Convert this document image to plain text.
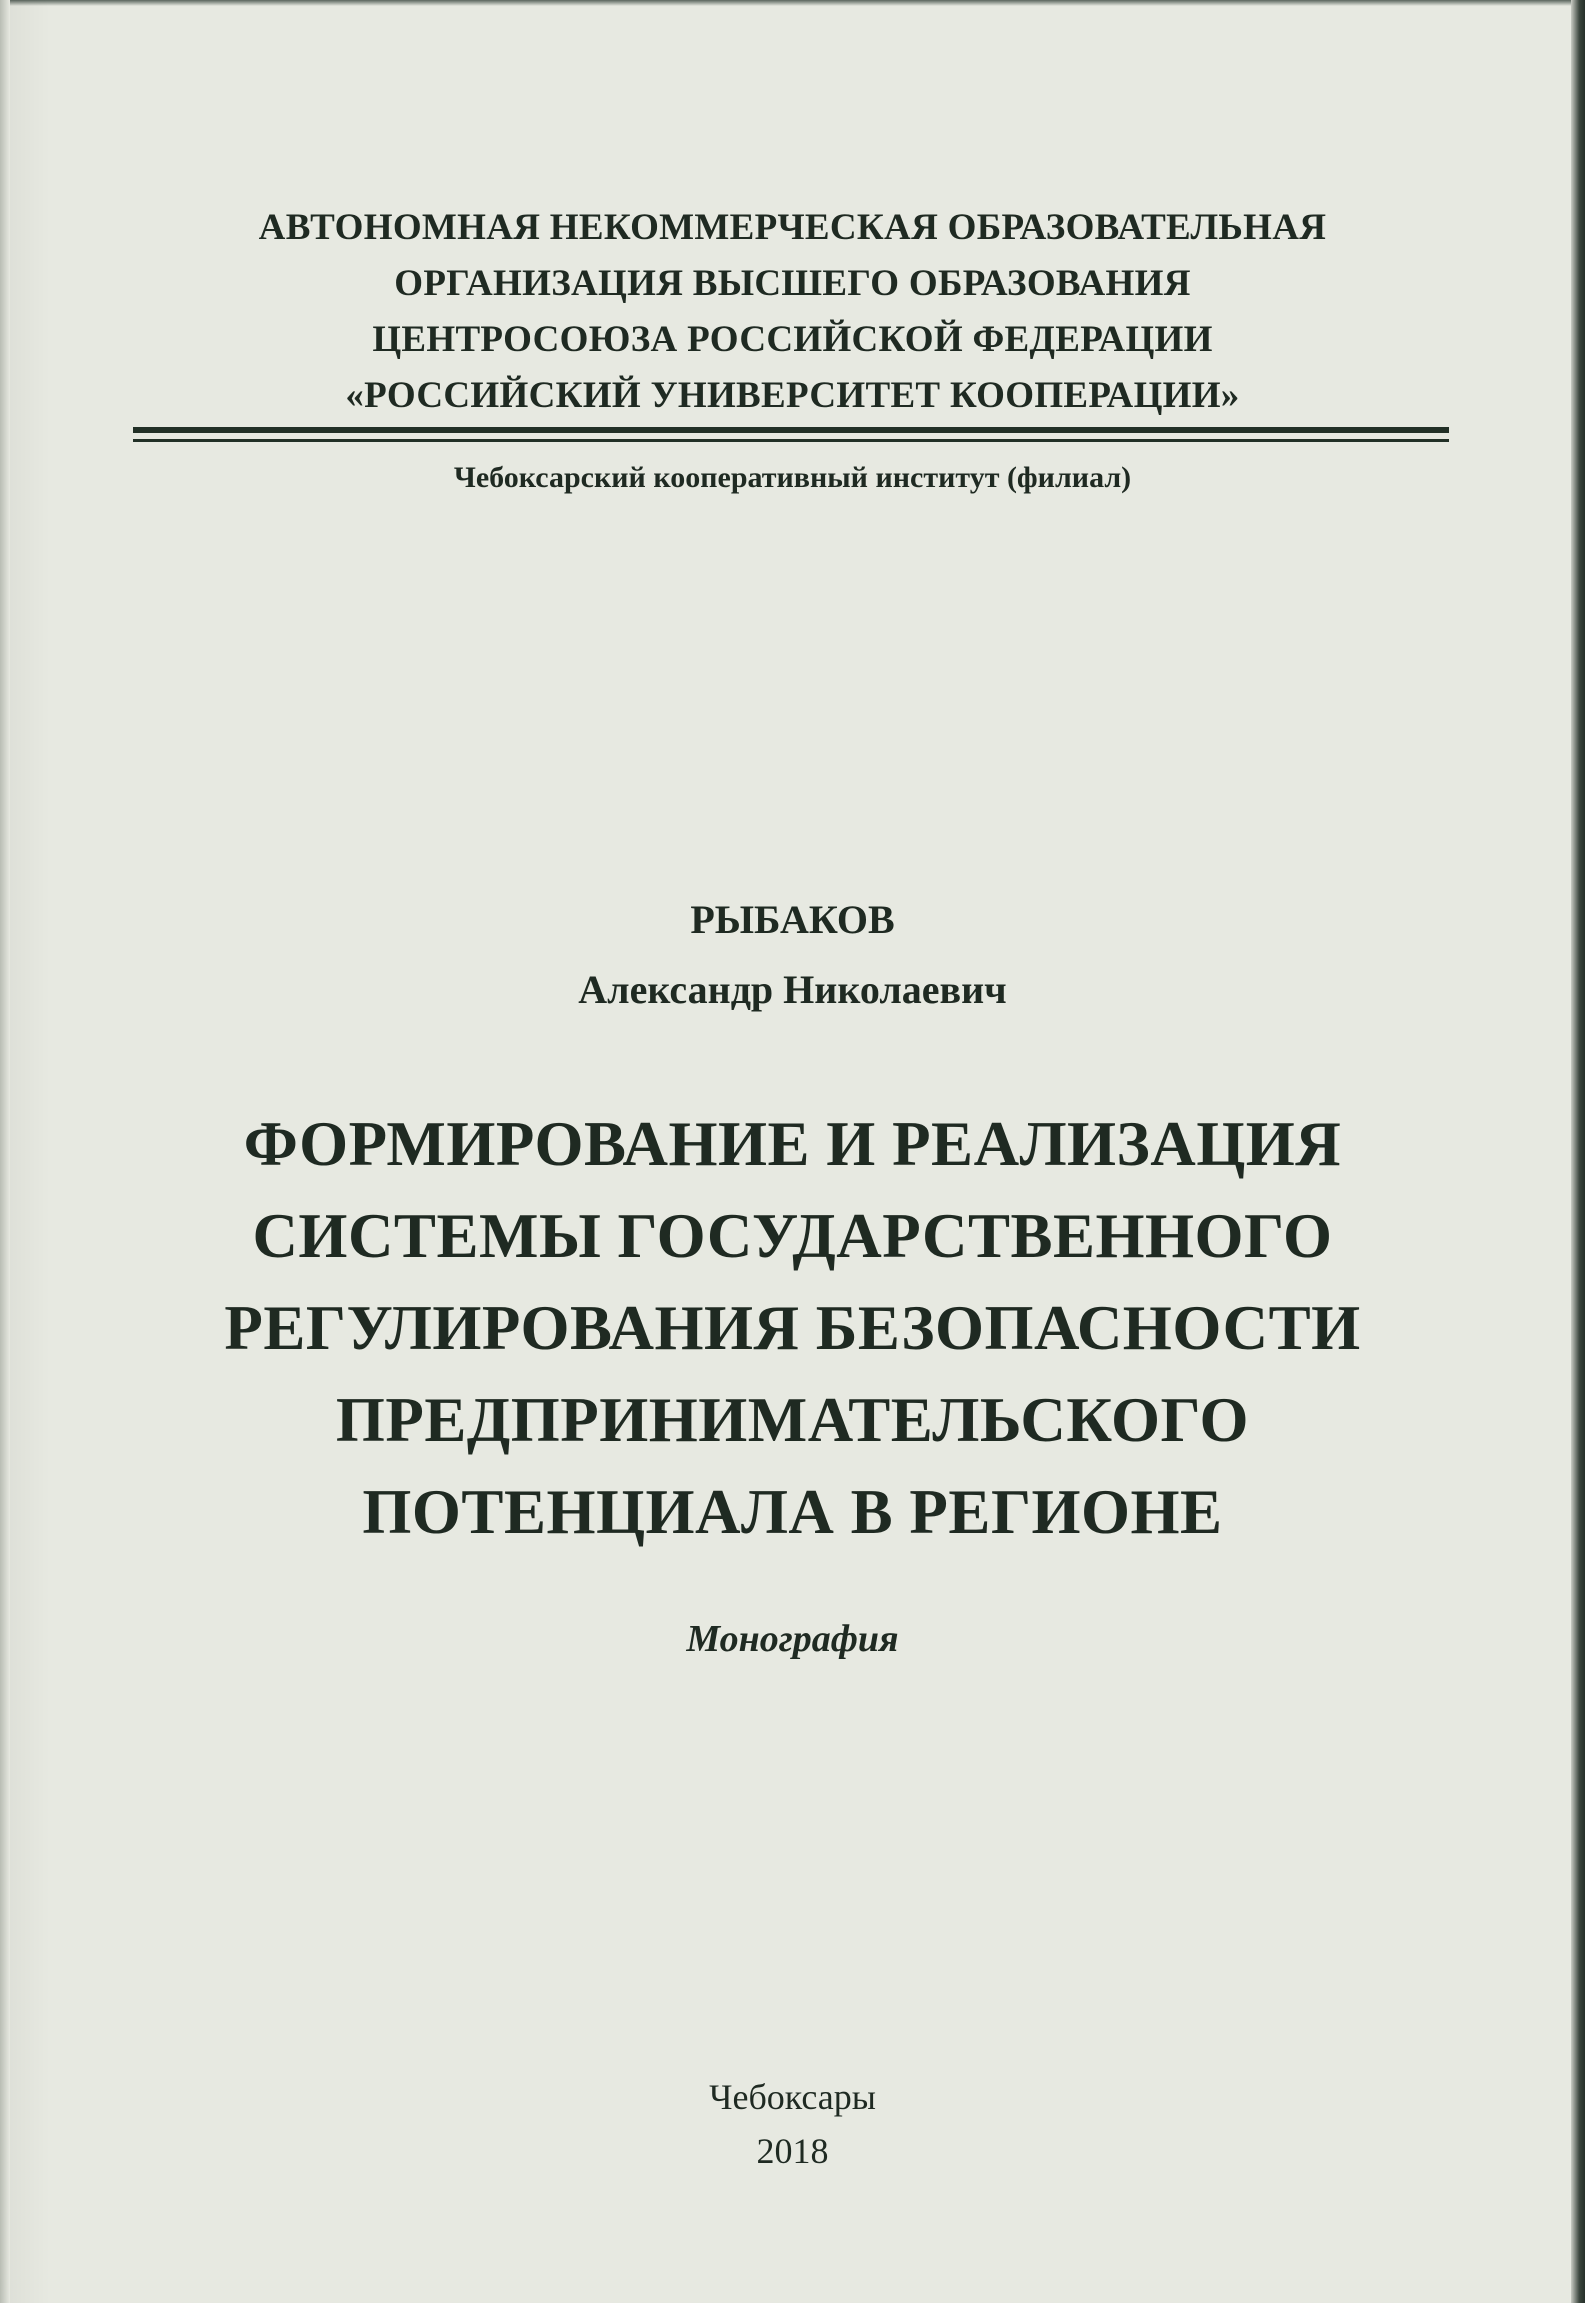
АВТОНОМНАЯ НЕКОММЕРЧЕСКАЯ ОБРАЗОВАТЕЛЬНАЯ
ОРГАНИЗАЦИЯ ВЫСШЕГО ОБРАЗОВАНИЯ
ЦЕНТРОСОЮЗА РОССИЙСКОЙ ФЕДЕРАЦИИ
«РОССИЙСКИЙ УНИВЕРСИТЕТ КООПЕРАЦИИ»
Чебоксарский кооперативный институт (филиал)
РЫБАКОВ
Александр Николаевич
ФОРМИРОВАНИЕ И РЕАЛИЗАЦИЯ
СИСТЕМЫ ГОСУДАРСТВЕННОГО
РЕГУЛИРОВАНИЯ БЕЗОПАСНОСТИ
ПРЕДПРИНИМАТЕЛЬСКОГО
ПОТЕНЦИАЛА В РЕГИОНЕ
Монография
Чебоксары
2018
